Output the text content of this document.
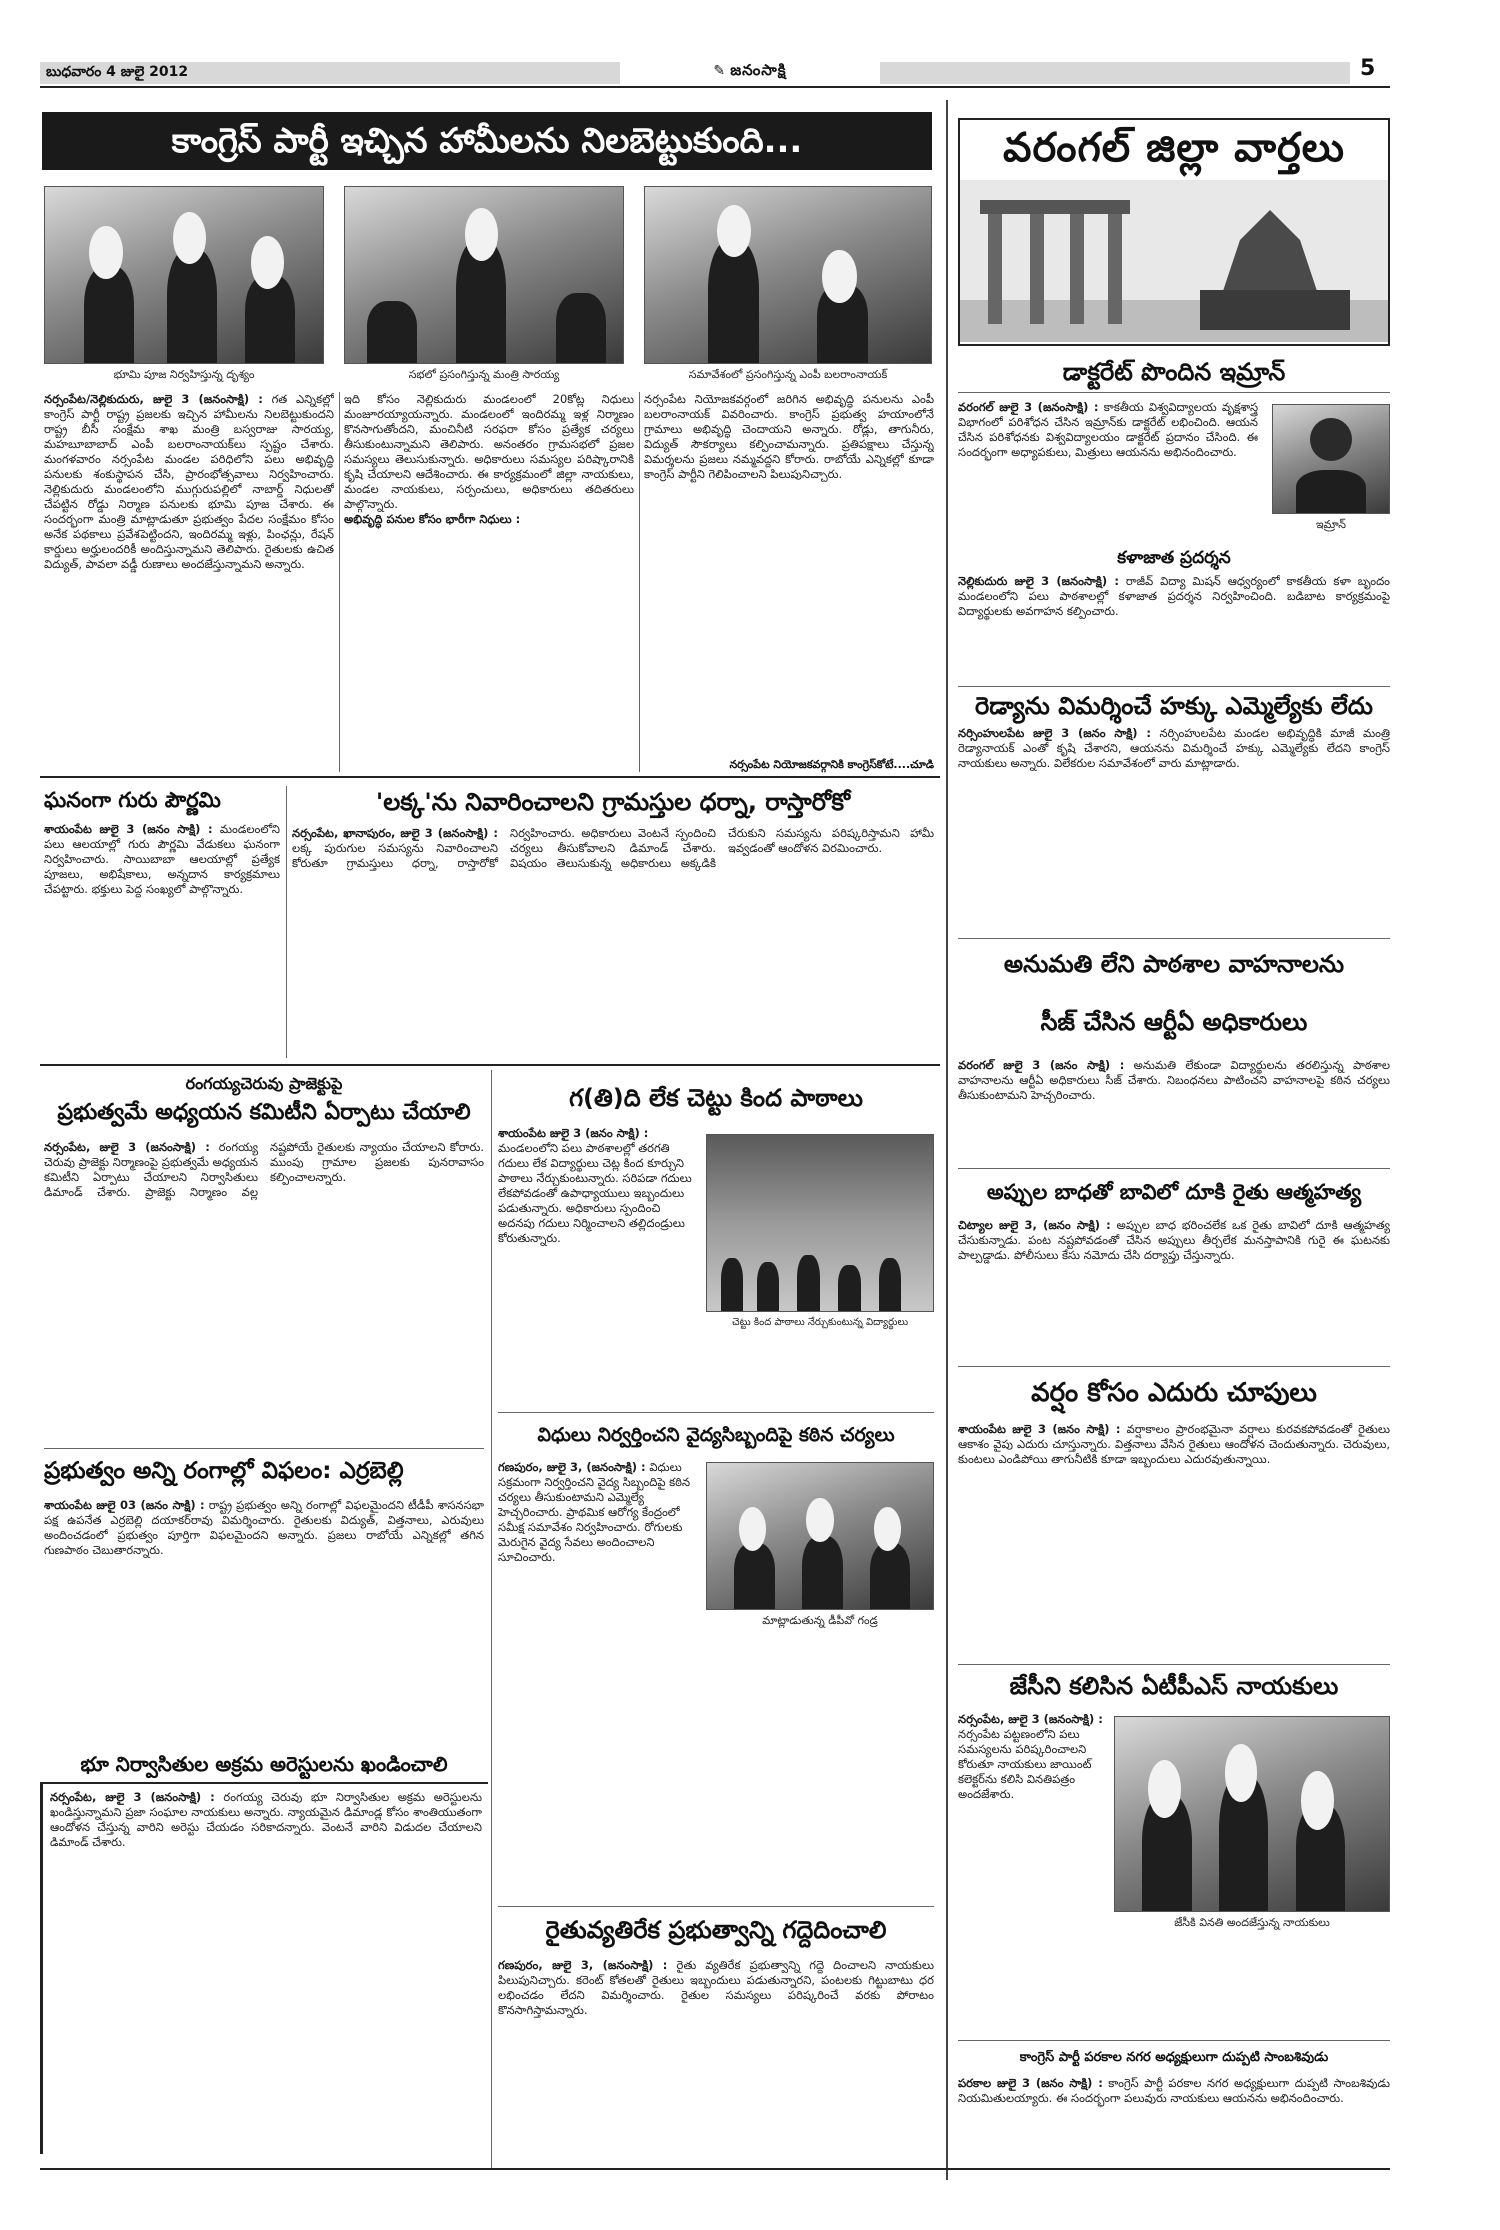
బుధవారం 4 జులై 2012	✎ జనంసాక్షి	5
కాంగ్రెస్ పార్టీ ఇచ్చిన హామీలను నిలబెట్టుకుంది...
భూమి పూజ నిర్వహిస్తున్న దృశ్యం	సభలో ప్రసంగిస్తున్న మంత్రి సారయ్య	సమావేశంలో ప్రసంగిస్తున్న ఎంపీ బలరాంనాయక్
నర్సంపేట/నెల్లికుదురు, జులై 3 (జనంసాక్షి) : గత ఎన్నికల్లో కాంగ్రెస్ పార్టీ రాష్ట్ర ప్రజలకు ఇచ్చిన హామీలను నిలబెట్టుకుందని రాష్ట్ర బీసీ సంక్షేమ శాఖ మంత్రి బస్వరాజు సారయ్య, మహబూబాబాద్ ఎంపీ బలరాంనాయక్‌లు స్పష్టం చేశారు. మంగళవారం నర్సంపేట మండల పరిధిలోని పలు అభివృద్ధి పనులకు శంకుస్థాపన చేసి, ప్రారంభోత్సవాలు నిర్వహించారు. నెల్లికుదురు మండలంలోని ముగ్గురుపల్లిలో నాబార్డ్ నిధులతో చేపట్టిన రోడ్డు నిర్మాణ పనులకు భూమి పూజ చేశారు. ఈ సందర్భంగా మంత్రి మాట్లాడుతూ ప్రభుత్వం పేదల సంక్షేమం కోసం అనేక పథకాలు ప్రవేశపెట్టిందని, ఇందిరమ్మ ఇళ్లు, పింఛన్లు, రేషన్ కార్డులు అర్హులందరికీ అందిస్తున్నామని తెలిపారు. రైతులకు ఉచిత విద్యుత్, పావలా వడ్డీ రుణాలు అందజేస్తున్నామని అన్నారు.
ఇది కోసం నెల్లికుదురు మండలంలో 20కోట్ల నిధులు మంజూరయ్యాయన్నారు. మండలంలో ఇందిరమ్మ ఇళ్ల నిర్మాణం కొనసాగుతోందని, మంచినీటి సరఫరా కోసం ప్రత్యేక చర్యలు తీసుకుంటున్నామని తెలిపారు. అనంతరం గ్రామసభలో ప్రజల సమస్యలు తెలుసుకున్నారు. అధికారులు సమస్యల పరిష్కారానికి కృషి చేయాలని ఆదేశించారు. ఈ కార్యక్రమంలో జిల్లా నాయకులు, మండల నాయకులు, సర్పంచులు, అధికారులు తదితరులు పాల్గొన్నారు.
అభివృద్ధి పనుల కోసం భారీగా నిధులు :
నర్సంపేట నియోజకవర్గంలో జరిగిన అభివృద్ధి పనులను ఎంపీ బలరాంనాయక్ వివరించారు. కాంగ్రెస్ ప్రభుత్వ హయాంలోనే గ్రామాలు అభివృద్ధి చెందాయని అన్నారు. రోడ్లు, తాగునీరు, విద్యుత్ సౌకర్యాలు కల్పించామన్నారు. ప్రతిపక్షాలు చేస్తున్న విమర్శలను ప్రజలు నమ్మవద్దని కోరారు. రాబోయే ఎన్నికల్లో కూడా కాంగ్రెస్ పార్టీని గెలిపించాలని పిలుపునిచ్చారు.
నర్సంపేట నియోజకవర్గానికి కాంగ్రెస్‌కోటే....చూడి
వరంగల్ జిల్లా వార్తలు
డాక్టరేట్ పొందిన ఇమ్రాన్
వరంగల్ జులై 3 (జనంసాక్షి) : కాకతీయ విశ్వవిద్యాలయ వృక్షశాస్త్ర విభాగంలో పరిశోధన చేసిన ఇమ్రాన్‌కు డాక్టరేట్ లభించింది. ఆయన చేసిన పరిశోధనకు విశ్వవిద్యాలయం డాక్టరేట్ ప్రదానం చేసింది. ఈ సందర్భంగా అధ్యాపకులు, మిత్రులు ఆయనను అభినందించారు.
ఇమ్రాన్
కళాజాత ప్రదర్శన
నెల్లికుదురు జులై 3 (జనంసాక్షి) : రాజీవ్ విద్యా మిషన్ ఆధ్వర్యంలో కాకతీయ కళా బృందం మండలంలోని పలు పాఠశాలల్లో కళాజాత ప్రదర్శన నిర్వహించింది. బడిబాట కార్యక్రమంపై విద్యార్థులకు అవగాహన కల్పించారు.
రెడ్యాను విమర్శించే హక్కు ఎమ్మెల్యేకు లేదు
నర్సింహులపేట జులై 3 (జనం సాక్షి) : నర్సింహులపేట మండల అభివృద్ధికి మాజీ మంత్రి రెడ్యానాయక్ ఎంతో కృషి చేశారని, ఆయనను విమర్శించే హక్కు ఎమ్మెల్యేకు లేదని కాంగ్రెస్ నాయకులు అన్నారు. విలేకరుల సమావేశంలో వారు మాట్లాడారు.
అనుమతి లేని పాఠశాల వాహనాలను
సీజ్ చేసిన ఆర్టీఏ అధికారులు
వరంగల్ జులై 3 (జనం సాక్షి) : అనుమతి లేకుండా విద్యార్థులను తరలిస్తున్న పాఠశాల వాహనాలను ఆర్టీఏ అధికారులు సీజ్ చేశారు. నిబంధనలు పాటించని వాహనాలపై కఠిన చర్యలు తీసుకుంటామని హెచ్చరించారు.
అప్పుల బాధతో బావిలో దూకి రైతు ఆత్మహత్య
చిట్యాల జులై 3, (జనం సాక్షి) : అప్పుల బాధ భరించలేక ఒక రైతు బావిలో దూకి ఆత్మహత్య చేసుకున్నాడు. పంట నష్టపోవడంతో చేసిన అప్పులు తీర్చలేక మనస్తాపానికి గురై ఈ ఘటనకు పాల్పడ్డాడు. పోలీసులు కేసు నమోదు చేసి దర్యాప్తు చేస్తున్నారు.
వర్షం కోసం ఎదురు చూపులు
శాయంపేట జులై 3 (జనం సాక్షి) : వర్షాకాలం ప్రారంభమైనా వర్షాలు కురవకపోవడంతో రైతులు ఆకాశం వైపు ఎదురు చూస్తున్నారు. విత్తనాలు వేసిన రైతులు ఆందోళన చెందుతున్నారు. చెరువులు, కుంటలు ఎండిపోయి తాగునీటికి కూడా ఇబ్బందులు ఎదురవుతున్నాయి.
జేసీని కలిసిన ఏటీపీఎస్ నాయకులు
నర్సంపేట, జులై 3 (జనంసాక్షి) : నర్సంపేట పట్టణంలోని పలు సమస్యలను పరిష్కరించాలని కోరుతూ నాయకులు జాయింట్ కలెక్టర్‌ను కలిసి వినతిపత్రం అందజేశారు.
జేసీకి వినతి అందజేస్తున్న నాయకులు
కాంగ్రెస్ పార్టీ పరకాల నగర అధ్యక్షులుగా దుప్పటి సాంబశివుడు
పరకాల జులై 3 (జనం సాక్షి) : కాంగ్రెస్ పార్టీ పరకాల నగర అధ్యక్షులుగా దుప్పటి సాంబశివుడు నియమితులయ్యారు. ఈ సందర్భంగా పలువురు నాయకులు ఆయనను అభినందించారు.
ఘనంగా గురు పౌర్ణమి
శాయంపేట జులై 3 (జనం సాక్షి) : మండలంలోని పలు ఆలయాల్లో గురు పౌర్ణమి వేడుకలు ఘనంగా నిర్వహించారు. సాయిబాబా ఆలయాల్లో ప్రత్యేక పూజలు, అభిషేకాలు, అన్నదాన కార్యక్రమాలు చేపట్టారు. భక్తులు పెద్ద సంఖ్యలో పాల్గొన్నారు.
'లక్క'ను నివారించాలని గ్రామస్తుల ధర్నా, రాస్తారోకో
నర్సంపేట, ఖానాపురం, జులై 3 (జనంసాక్షి) : లక్క పురుగుల సమస్యను నివారించాలని కోరుతూ గ్రామస్తులు ధర్నా, రాస్తారోకో నిర్వహించారు. అధికారులు వెంటనే స్పందించి చర్యలు తీసుకోవాలని డిమాండ్ చేశారు. విషయం తెలుసుకున్న అధికారులు అక్కడికి చేరుకుని సమస్యను పరిష్కరిస్తామని హామీ ఇవ్వడంతో ఆందోళన విరమించారు.
రంగయ్యచెరువు ప్రాజెక్టుపై
ప్రభుత్వమే అధ్యయన కమిటీని ఏర్పాటు చేయాలి
నర్సంపేట, జులై 3 (జనంసాక్షి) : రంగయ్య చెరువు ప్రాజెక్టు నిర్మాణంపై ప్రభుత్వమే అధ్యయన కమిటీని ఏర్పాటు చేయాలని నిర్వాసితులు డిమాండ్ చేశారు. ప్రాజెక్టు నిర్మాణం వల్ల నష్టపోయే రైతులకు న్యాయం చేయాలని కోరారు. ముంపు గ్రామాల ప్రజలకు పునరావాసం కల్పించాలన్నారు.
ప్రభుత్వం అన్ని రంగాల్లో విఫలం: ఎర్రబెల్లి
శాయంపేట జులై 03 (జనం సాక్షి) : రాష్ట్ర ప్రభుత్వం అన్ని రంగాల్లో విఫలమైందని టీడీపీ శాసనసభా పక్ష ఉపనేత ఎర్రబెల్లి దయాకర్‌రావు విమర్శించారు. రైతులకు విద్యుత్, విత్తనాలు, ఎరువులు అందించడంలో ప్రభుత్వం పూర్తిగా విఫలమైందని అన్నారు. ప్రజలు రాబోయే ఎన్నికల్లో తగిన గుణపాఠం చెబుతారన్నారు.
భూ నిర్వాసితుల అక్రమ అరెస్టులను ఖండించాలి
నర్సంపేట, జులై 3 (జనంసాక్షి) : రంగయ్య చెరువు భూ నిర్వాసితుల అక్రమ అరెస్టులను ఖండిస్తున్నామని ప్రజా సంఘాల నాయకులు అన్నారు. న్యాయమైన డిమాండ్ల కోసం శాంతియుతంగా ఆందోళన చేస్తున్న వారిని అరెస్టు చేయడం సరికాదన్నారు. వెంటనే వారిని విడుదల చేయాలని డిమాండ్ చేశారు.
గ(తి)ది లేక చెట్టు కింద పాఠాలు
శాయంపేట జులై 3 (జనం సాక్షి) : మండలంలోని పలు పాఠశాలల్లో తరగతి గదులు లేక విద్యార్థులు చెట్ల కింద కూర్చుని పాఠాలు నేర్చుకుంటున్నారు. సరిపడా గదులు లేకపోవడంతో ఉపాధ్యాయులు ఇబ్బందులు పడుతున్నారు. అధికారులు స్పందించి అదనపు గదులు నిర్మించాలని తల్లిదండ్రులు కోరుతున్నారు.
చెట్టు కింద పాఠాలు నేర్చుకుంటున్న విద్యార్థులు
విధులు నిర్వర్తించని వైద్యసిబ్బందిపై కఠిన చర్యలు
గణపురం, జులై 3, (జనంసాక్షి) : విధులు సక్రమంగా నిర్వర్తించని వైద్య సిబ్బందిపై కఠిన చర్యలు తీసుకుంటామని ఎమ్మెల్యే హెచ్చరించారు. ప్రాథమిక ఆరోగ్య కేంద్రంలో సమీక్ష సమావేశం నిర్వహించారు. రోగులకు మెరుగైన వైద్య సేవలు అందించాలని సూచించారు.
మాట్లాడుతున్న డీపీవో గండ్ర
రైతువ్యతిరేక ప్రభుత్వాన్ని గద్దెదించాలి
గణపురం, జులై 3, (జనంసాక్షి) : రైతు వ్యతిరేక ప్రభుత్వాన్ని గద్దె దించాలని నాయకులు పిలుపునిచ్చారు. కరెంట్ కోతలతో రైతులు ఇబ్బందులు పడుతున్నారని, పంటలకు గిట్టుబాటు ధర లభించడం లేదని విమర్శించారు. రైతుల సమస్యలు పరిష్కరించే వరకు పోరాటం కొనసాగిస్తామన్నారు.
